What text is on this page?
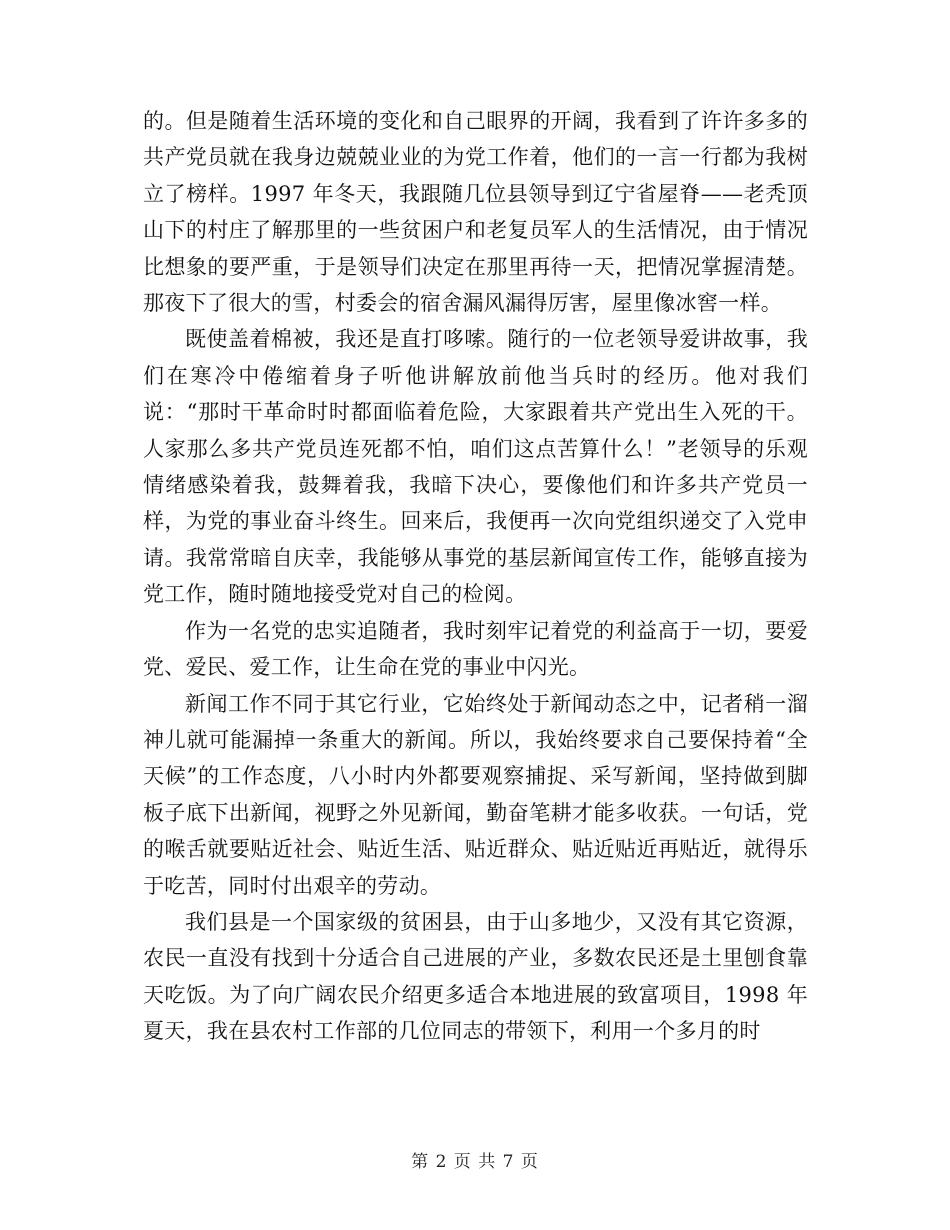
的。但是随着生活环境的变化和自己眼界的开阔，我看到了许许多多的共产党员就在我身边兢兢业业的为党工作着，他们的一言一行都为我树立了榜样。1997 年冬天，我跟随几位县领导到辽宁省屋脊——老秃顶山下的村庄了解那里的一些贫困户和老复员军人的生活情况，由于情况比想象的要严重，于是领导们决定在那里再待一天，把情况掌握清楚。那夜下了很大的雪，村委会的宿舍漏风漏得厉害，屋里像冰窖一样。

既使盖着棉被，我还是直打哆嗦。随行的一位老领导爱讲故事，我们在寒冷中倦缩着身子听他讲解放前他当兵时的经历。他对我们说：“那时干革命时时都面临着危险，大家跟着共产党出生入死的干。人家那么多共产党员连死都不怕，咱们这点苦算什么！”老领导的乐观情绪感染着我，鼓舞着我，我暗下决心，要像他们和许多共产党员一样，为党的事业奋斗终生。回来后，我便再一次向党组织递交了入党申请。我常常暗自庆幸，我能够从事党的基层新闻宣传工作，能够直接为党工作，随时随地接受党对自己的检阅。

作为一名党的忠实追随者，我时刻牢记着党的利益高于一切，要爱党、爱民、爱工作，让生命在党的事业中闪光。

新闻工作不同于其它行业，它始终处于新闻动态之中，记者稍一溜神儿就可能漏掉一条重大的新闻。所以，我始终要求自己要保持着“全天候”的工作态度，八小时内外都要观察捕捉、采写新闻，坚持做到脚板子底下出新闻，视野之外见新闻，勤奋笔耕才能多收获。一句话，党的喉舌就要贴近社会、贴近生活、贴近群众、贴近贴近再贴近，就得乐于吃苦，同时付出艰辛的劳动。

我们县是一个国家级的贫困县，由于山多地少，又没有其它资源，农民一直没有找到十分适合自己进展的产业，多数农民还是土里刨食靠天吃饭。为了向广阔农民介绍更多适合本地进展的致富项目，1998 年夏天，我在县农村工作部的几位同志的带领下，利用一个多月的时

第 2 页 共 7 页
